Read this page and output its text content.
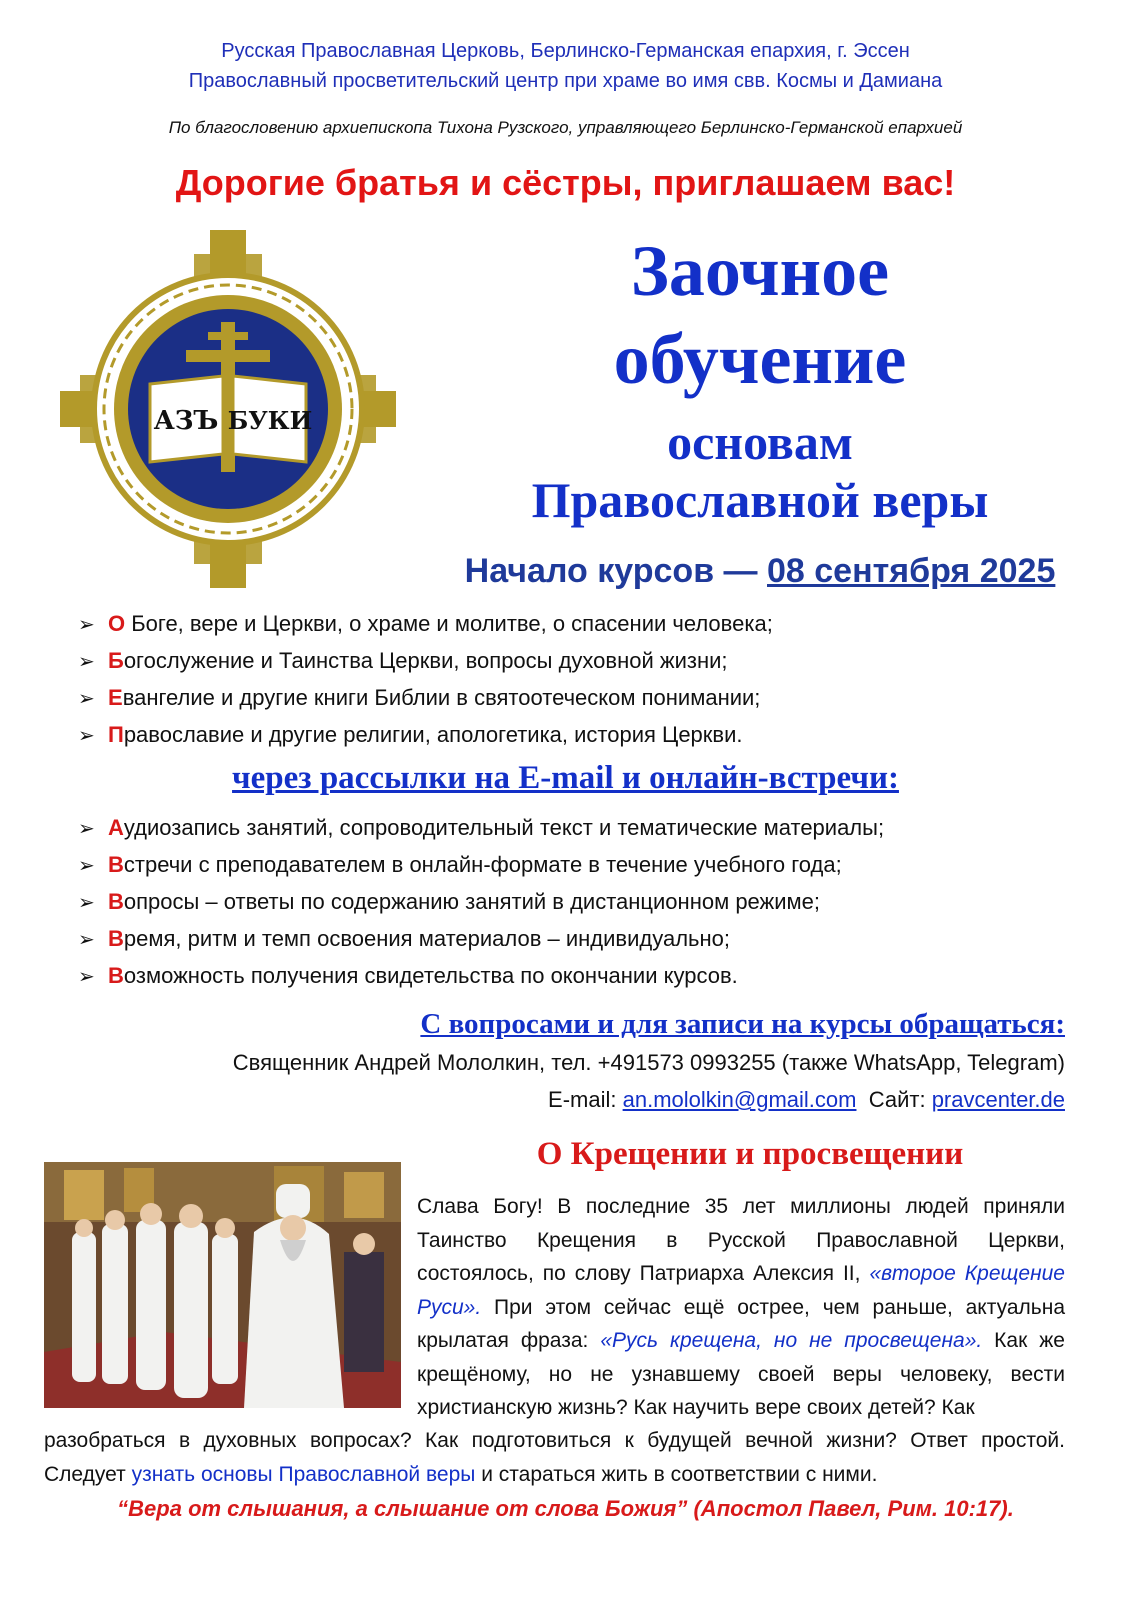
Русская Православная Церковь, Берлинско-Германская епархия, г. Эссен
Православный просветительский центр при храме во имя свв. Космы и Дамиана
По благословению архиепископа Тихона Рузского, управляющего Берлинско-Германской епархией
Дорогие братья и сёстры, приглашаем вас!
АЗЪ БУКИ
Заочное
обучение
основам
Православной веры
Начало курсов — 08 сентября 2025
➢ О Боге, вере и Церкви, о храме и молитве, о спасении человека;
➢ Богослужение и Таинства Церкви, вопросы духовной жизни;
➢ Евангелие и другие книги Библии в святоотеческом понимании;
➢ Православие и другие религии, апологетика, история Церкви.
через рассылки на E-mail и онлайн-встречи:
➢ Аудиозапись занятий, сопроводительный текст и тематические материалы;
➢ Встречи с преподавателем в онлайн-формате в течение учебного года;
➢ Вопросы – ответы по содержанию занятий в дистанционном режиме;
➢ Время, ритм и темп освоения материалов – индивидуально;
➢ Возможность получения свидетельства по окончании курсов.
С вопросами и для записи на курсы обращаться:
Священник Андрей Мололкин, тел. +491573 0993255 (также WhatsApp, Telegram)
E-mail: an.mololkin@gmail.com Сайт: pravcenter.de
О Крещении и просвещении
Слава Богу! В последние 35 лет миллионы людей приняли Таинство Крещения в Русской Православной Церкви, состоялось, по слову Патриарха Алексия II, «второе Крещение Руси». При этом сейчас ещё острее, чем раньше, актуальна крылатая фраза: «Русь крещена, но не просвещена». Как же крещёному, но не узнавшему своей веры человеку, вести христианскую жизнь? Как научить вере своих детей? Как
разобраться в духовных вопросах? Как подготовиться к будущей вечной жизни? Ответ простой. Следует узнать основы Православной веры и стараться жить в соответствии с ними.
“Вера от слышания, а слышание от слова Божия” (Апостол Павел, Рим. 10:17).
